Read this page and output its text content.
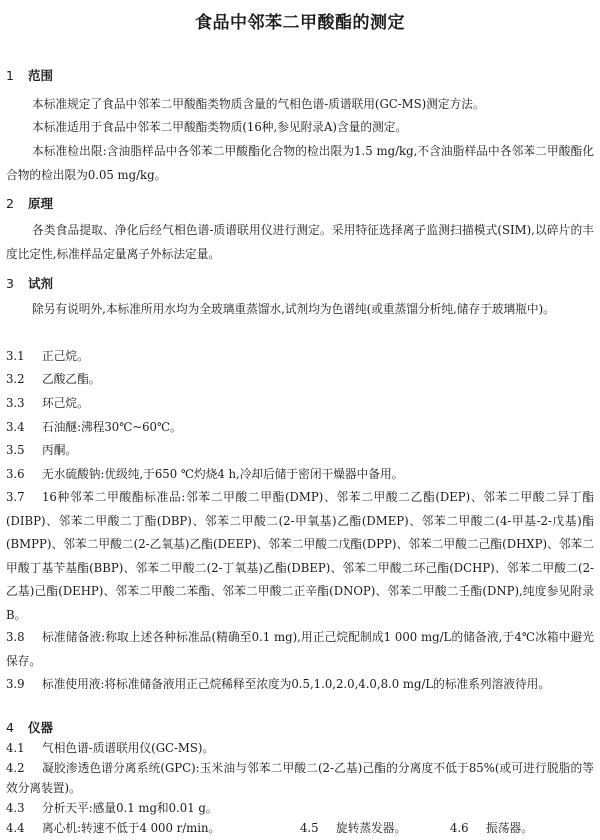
食品中邻苯二甲酸酯的测定
1 范围
本标准规定了食品中邻苯二甲酸酯类物质含量的气相色谱-质谱联用(GC-MS)测定方法。
本标准适用于食品中邻苯二甲酸酯类物质(16种,参见附录A)含量的测定。
本标准检出限:含油脂样品中各邻苯二甲酸酯化合物的检出限为1.5 mg/kg,不含油脂样品中各邻苯二甲酸酯化合物的检出限为0.05 mg/kg。
2 原理
各类食品提取、净化后经气相色谱-质谱联用仪进行测定。采用特征选择离子监测扫描模式(SIM),以碎片的丰度比定性,标准样品定量离子外标法定量。
3 试剂
除另有说明外,本标准所用水均为全玻璃重蒸馏水,试剂均为色谱纯(或重蒸馏分析纯,储存于玻璃瓶中)。
3.1 正己烷。
3.2 乙酸乙酯。
3.3 环己烷。
3.4 石油醚:沸程30℃~60℃。
3.5 丙酮。
3.6 无水硫酸钠:优级纯,于650 ℃灼烧4 h,冷却后储于密闭干燥器中备用。
3.7 16种邻苯二甲酸酯标准品:邻苯二甲酸二甲酯(DMP)、邻苯二甲酸二乙酯(DEP)、邻苯二甲酸二异丁酯(DIBP)、邻苯二甲酸二丁酯(DBP)、邻苯二甲酸二(2-甲氧基)乙酯(DMEP)、邻苯二甲酸二(4-甲基-2-戊基)酯(BMPP)、邻苯二甲酸二(2-乙氧基)乙酯(DEEP)、邻苯二甲酸二戊酯(DPP)、邻苯二甲酸二己酯(DHXP)、邻苯二甲酸丁基苄基酯(BBP)、邻苯二甲酸二(2-丁氧基)乙酯(DBEP)、邻苯二甲酸二环己酯(DCHP)、邻苯二甲酸二(2-乙基)己酯(DEHP)、邻苯二甲酸二苯酯、邻苯二甲酸二正辛酯(DNOP)、邻苯二甲酸二壬酯(DNP),纯度参见附录B。
3.8 标准储备液:称取上述各种标准品(精确至0.1 mg),用正己烷配制成1 000 mg/L的储备液,于4℃冰箱中避光保存。
3.9 标准使用液:将标准储备液用正己烷稀释至浓度为0.5,1.0,2.0,4.0,8.0 mg/L的标准系列溶液待用。
4 仪器
4.1 气相色谱-质谱联用仪(GC-MS)。
4.2 凝胶渗透色谱分离系统(GPC):玉米油与邻苯二甲酸二(2-乙基)己酯的分离度不低于85%(或可进行脱脂的等效分离装置)。
4.3 分析天平:感量0.1 mg和0.01 g。
4.4 离心机:转速不低于4 000 r/min。	4.5 旋转蒸发器。	4.6 振荡器。
